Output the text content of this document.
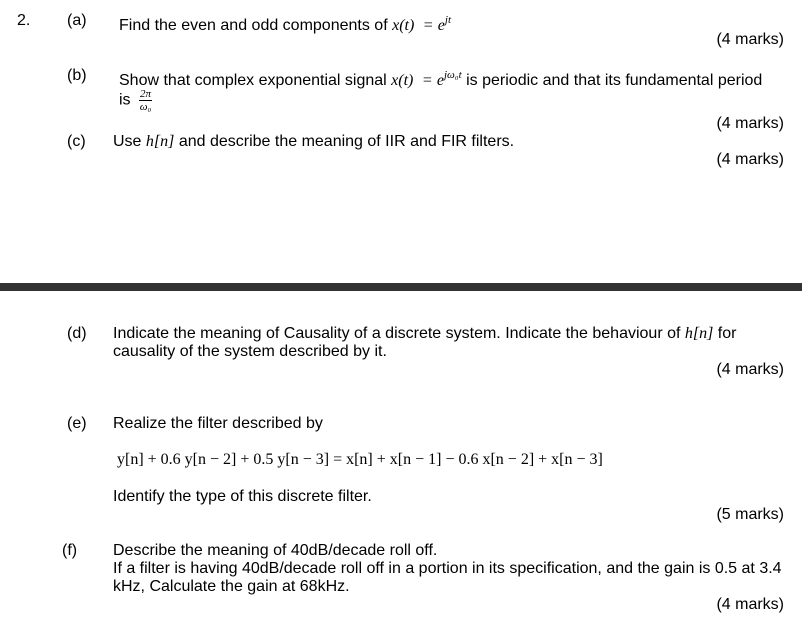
2. (a) Find the even and odd components of $x(t) = e^{jt}$
(4 marks)
(b) Show that complex exponential signal $x(t) = e^{j\omega_0t}$ is periodic and that its fundamental period
is $\frac{2\pi}{\text{ω₀}}$
(4 marks)
(c) Use h[n] and describe the meaning of IIR and FIR filters.
(4 marks)
(d) Indicate the meaning of Causality of a discrete system. Indicate the behaviour of h[n] for
causality of the system described by it.
(4 marks)
(e) Realize the filter described by
y[n] + 0.6 y[n − 2] + 0.5 y[n − 3] = x[n] + x[n − 1] − 0.6 x[n − 2] + x[n − 3]
Identify the type of this discrete filter.
(5 marks)
(f) Describe the meaning of 40dB/decade roll off.
If a filter is having 40dB/decade roll off in a portion in its specification, and the gain is 0.5 at 3.4
kHz, Calculate the gain at 68kHz.
(4 marks)
